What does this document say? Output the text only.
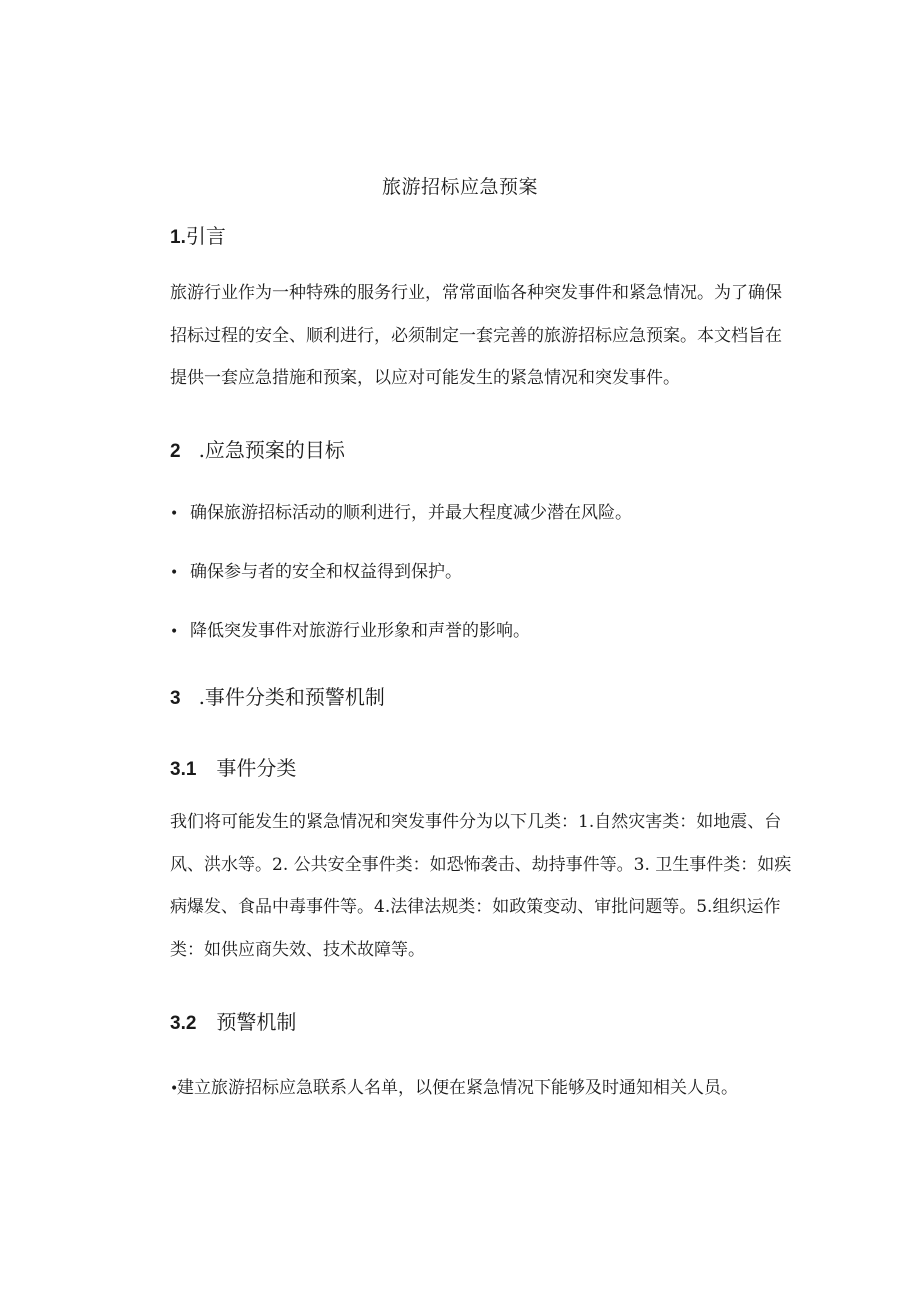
旅游招标应急预案
1.引言
旅游行业作为一种特殊的服务行业，常常面临各种突发事件和紧急情况。为了确保招标过程的安全、顺利进行，必须制定一套完善的旅游招标应急预案。本文档旨在提供一套应急措施和预案，以应对可能发生的紧急情况和突发事件。
2 .应急预案的目标
• 确保旅游招标活动的顺利进行，并最大程度减少潜在风险。
• 确保参与者的安全和权益得到保护。
• 降低突发事件对旅游行业形象和声誉的影响。
3 .事件分类和预警机制
3.1 事件分类
我们将可能发生的紧急情况和突发事件分为以下几类：1.自然灾害类：如地震、台风、洪水等。2. 公共安全事件类：如恐怖袭击、劫持事件等。3. 卫生事件类：如疾病爆发、食品中毒事件等。4.法律法规类：如政策变动、审批问题等。5.组织运作类：如供应商失效、技术故障等。
3.2 预警机制
•建立旅游招标应急联系人名单，以便在紧急情况下能够及时通知相关人员。
